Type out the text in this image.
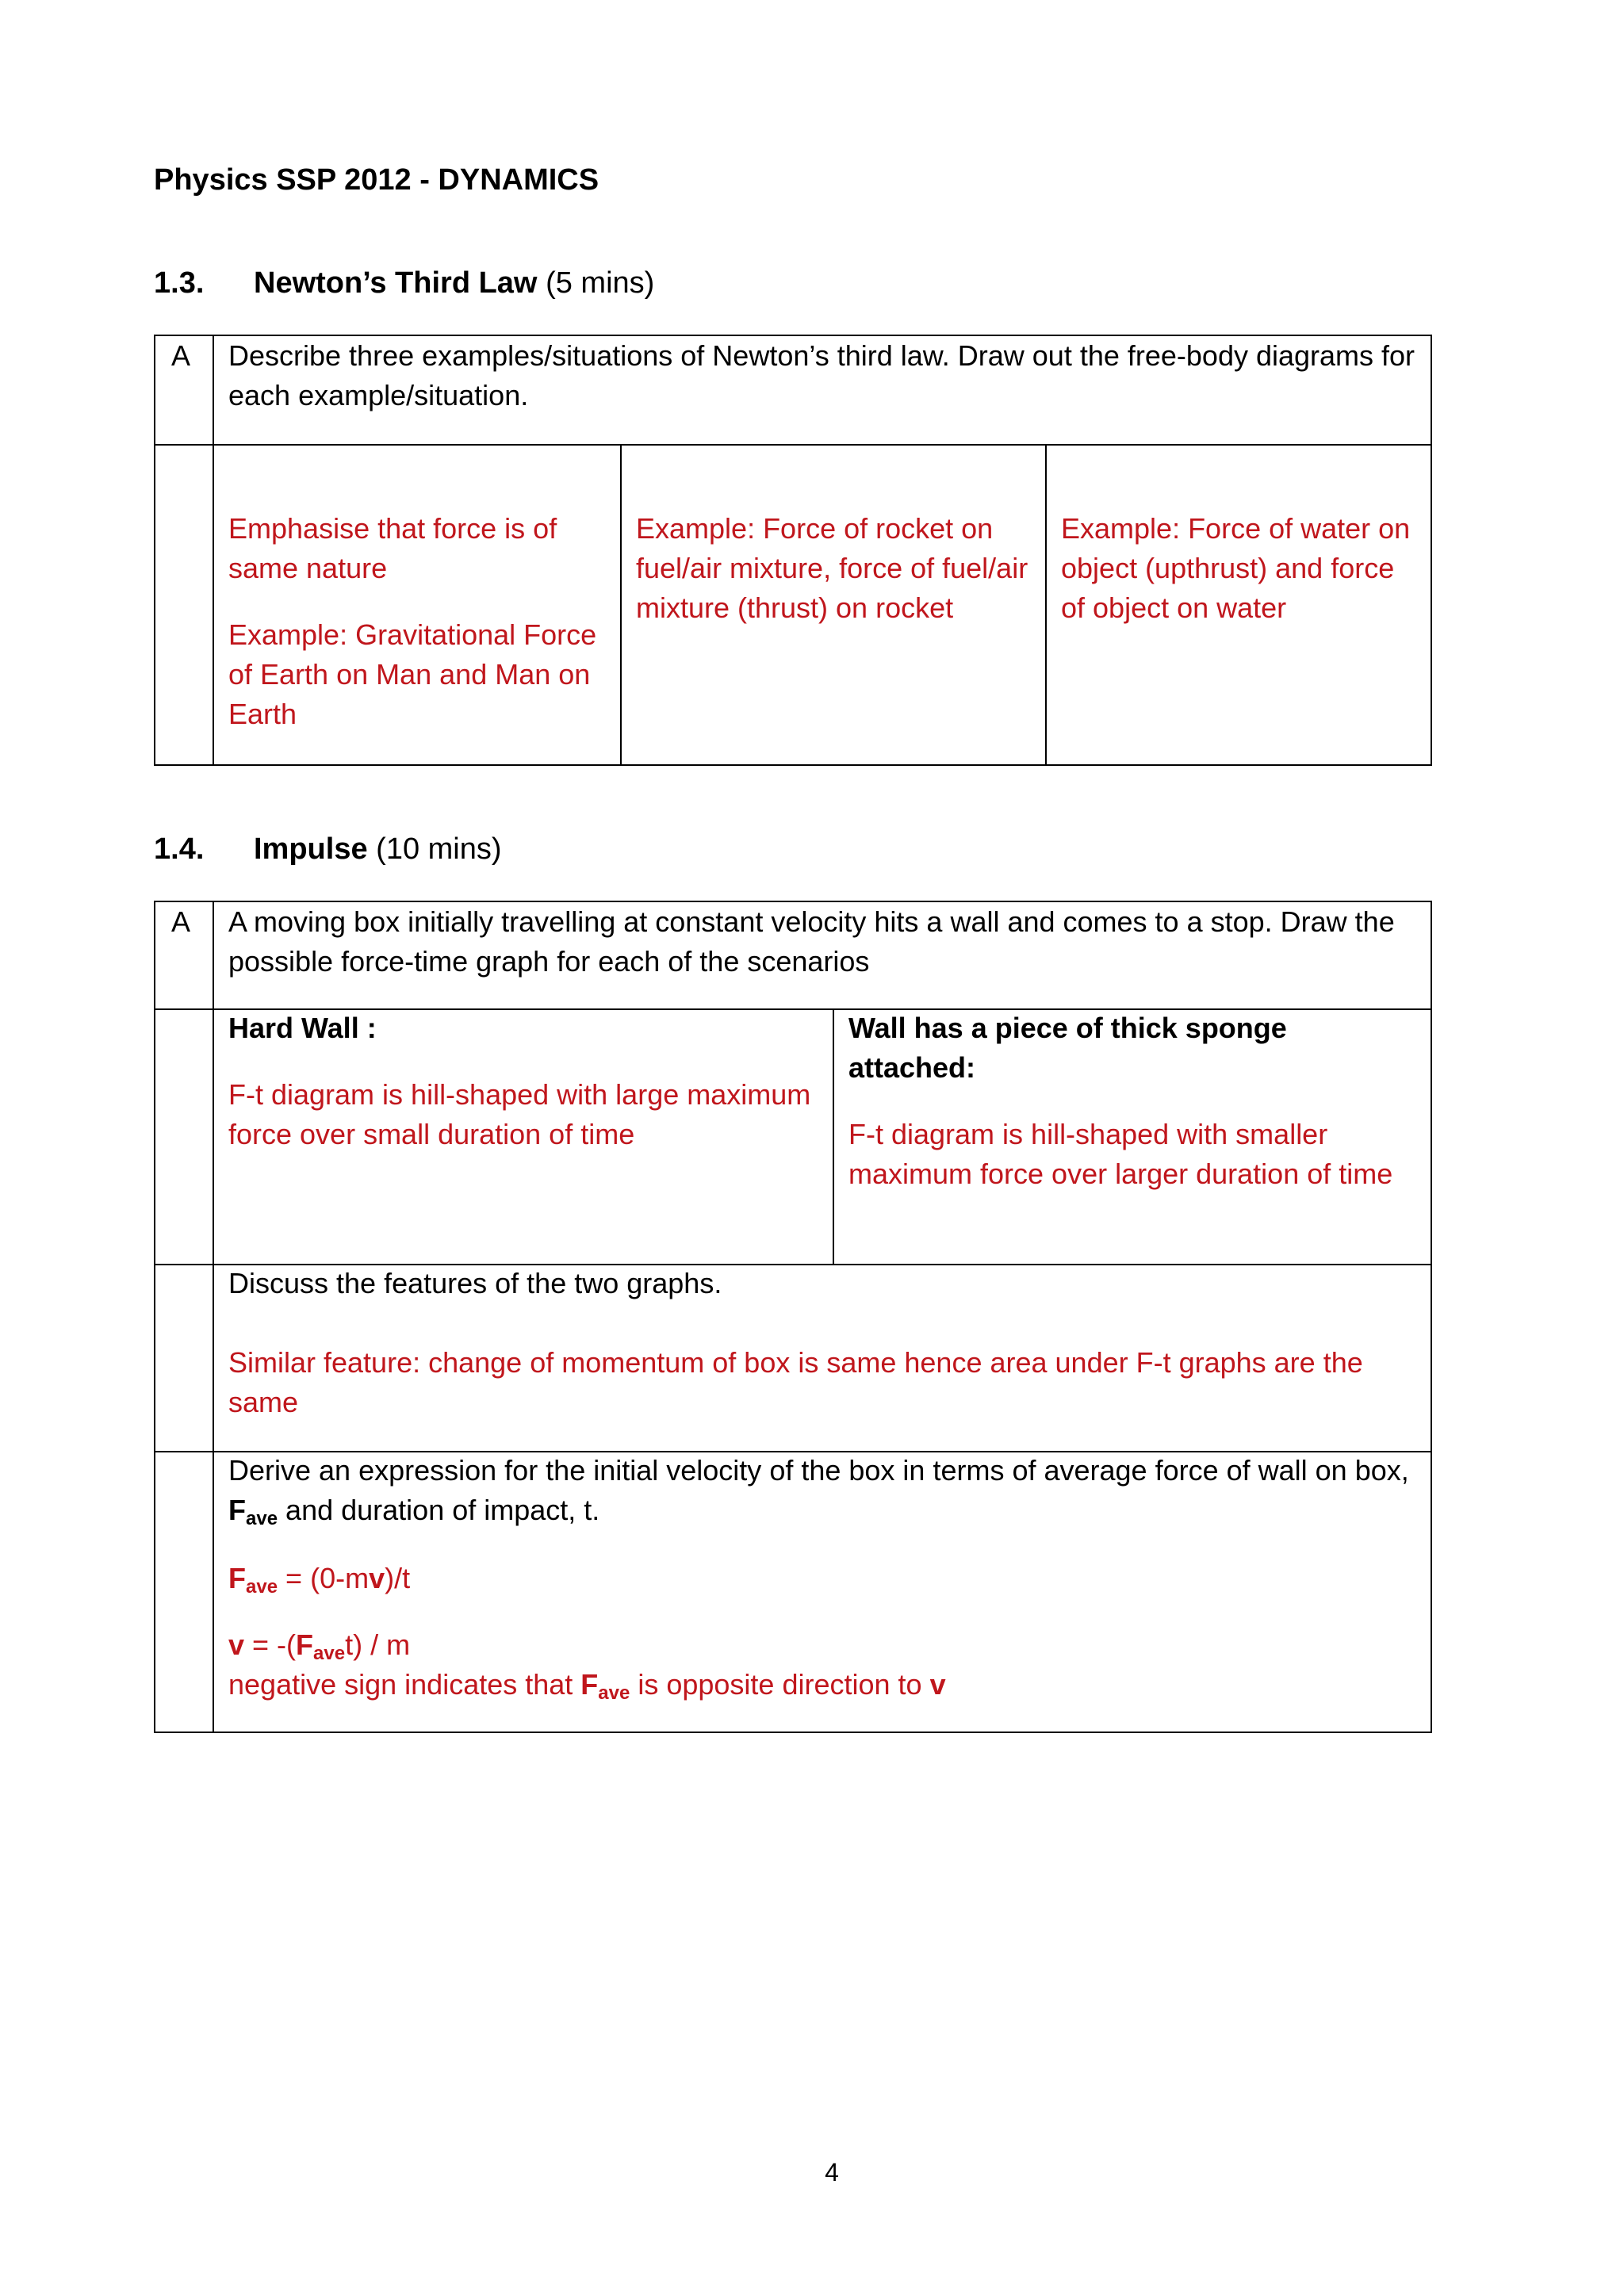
Physics SSP 2012 - DYNAMICS
1.3. Newton’s Third Law (5 mins)
A Describe three examples/situations of Newton’s third law. Draw out the free-body diagrams for each example/situation.

Emphasise that force is of same nature

Example: Gravitational Force of Earth on Man and Man on Earth

Example: Force of rocket on fuel/air mixture, force of fuel/air mixture (thrust) on rocket
Example: Force of water on object (upthrust) and force of object on water
1.4. Impulse (10 mins)
A A moving box initially travelling at constant velocity hits a wall and comes to a stop. Draw the possible force-time graph for each of the scenarios

Hard Wall :

F-t diagram is hill-shaped with large maximum force over small duration of time

Wall has a piece of thick sponge attached:

F-t diagram is hill-shaped with smaller maximum force over larger duration of time

Discuss the features of the two graphs.

Similar feature: change of momentum of box is same hence area under F-t graphs are the same

Derive an expression for the initial velocity of the box in terms of average force of wall on box, $F_{ave}$ and duration of impact, t.

$F_{ave} = (0-mv)/t$

$v = -(F_{ave}t) / m$

negative sign indicates that $F_{ave}$ is opposite direction to v

4
